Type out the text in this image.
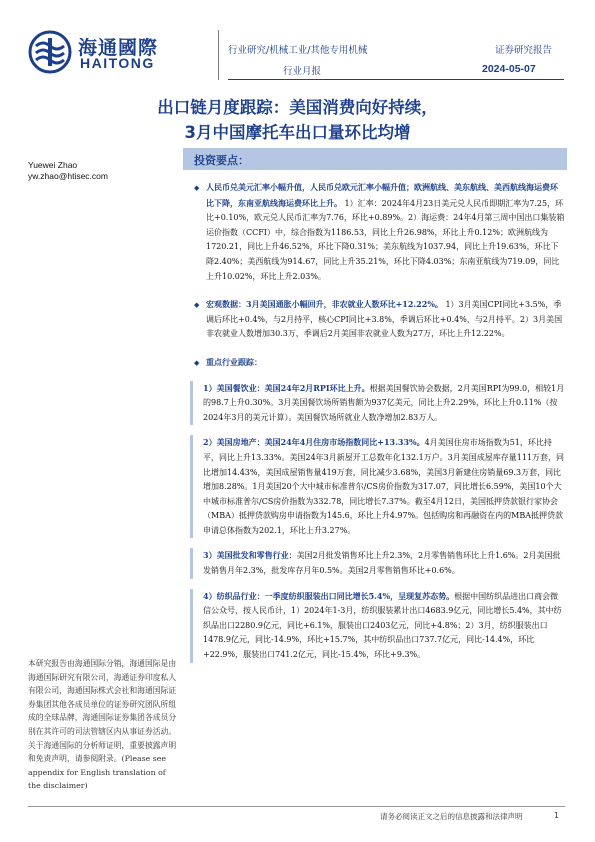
海通國際
HAITONG
行业研究/机械工业/其他专用机械
行业月报
证券研究报告
2024-05-07
出口链月度跟踪：美国消费向好持续，
3月中国摩托车出口量环比均增
Yuewei Zhao
yw.zhao@htisec.com
投资要点：

◆ 人民币兑美元汇率小幅升值，人民币兑欧元汇率小幅升值；欧洲航线、美东航线、美西航线海运费环比下降，东南亚航线海运费环比上升。 1）汇率：2024年4月23日美元兑人民币即期汇率为7.25，环比+0.10%，欧元兑人民币汇率为7.76，环比+0.89%。2）海运费：24年4月第三周中国出口集装箱运价指数（CCFI）中，综合指数为1186.53，同比上升26.98%，环比上升0.12%；欧洲航线为1720.21，同比上升46.52%，环比下降0.31%；美东航线为1037.94，同比上升19.63%，环比下降2.40%；美西航线为914.67，同比上升35.21%，环比下降4.03%；东南亚航线为719.09，同比上升10.02%，环比上升2.03%。

◆ 宏观数据：3月美国通胀小幅回升，非农就业人数环比+12.22%。 1）3月美国CPI同比+3.5%，季调后环比+0.4%，与2月持平，核心CPI同比+3.8%，季调后环比+0.4%，与2月持平。2）3月美国非农就业人数增加30.3万，季调后2月美国非农就业人数为27万，环比上升12.22%。

◆ 重点行业跟踪：

1）美国餐饮业：美国24年2月RPI环比上升。根据美国餐饮协会数据，2月美国RPI为99.0，相较1月的98.7上升0.30%。3月美国餐饮场所销售额为937亿美元，同比上升2.29%，环比上升0.11%（按2024年3月的美元计算）。美国餐饮场所就业人数净增加2.83万人。

2）美国房地产：美国24年4月住房市场指数同比+13.33%。4月美国住房市场指数为51，环比持平，同比上升13.33%。美国24年3月新屋开工总数年化132.1万户。3月美国成屋库存量111万套，同比增加14.43%，美国成屋销售量419万套，同比减少3.68%，美国3月新建住房销量69.3万套，同比增加8.28%。1月美国20个大中城市标准普尔/CS房价指数为317.07，同比增长6.59%，美国10个大中城市标准普尔/CS房价指数为332.78，同比增长7.37%。截至4月12日，美国抵押贷款银行家协会（MBA）抵押贷款购房申请指数为145.6，环比上升4.97%。包括购房和再融资在内的MBA抵押贷款申请总体指数为202.1，环比上升3.27%。

3）美国批发和零售行业：美国2月批发销售环比上升2.3%，2月零售销售环比上升1.6%。2月美国批发销售月年2.3%，批发库存月年0.5%。美国2月零售销售环比+0.6%。

4）纺织品行业：一季度纺织服装出口同比增长5.4%，呈现复苏态势。根据中国纺织品进出口商会微信公众号，按人民币计，1）2024年1-3月，纺织服装累计出口4683.9亿元，同比增长5.4%，其中纺织品出口2280.9亿元，同比+6.1%，服装出口2403亿元，同比+4.8%；2）3月，纺织服装出口1478.9亿元，同比-14.9%，环比+15.7%，其中纺织品出口737.7亿元，同比-14.4%，环比+22.9%，服装出口741.2亿元，同比-15.4%，环比+9.3%。

本研究报告由海通国际分销，海通国际是由海通国际研究有限公司，海通证券印度私人有限公司，海通国际株式会社和海通国际证券集团其他各成员单位的证券研究团队所组成的全球品牌，海通国际证券集团各成员分别在其许可的司法管辖区内从事证券活动。关于海通国际的分析师证明，重要披露声明和免责声明，请参阅附录。(Please see appendix for English translation of the disclaimer)
请务必阅读正文之后的信息披露和法律声明	1
